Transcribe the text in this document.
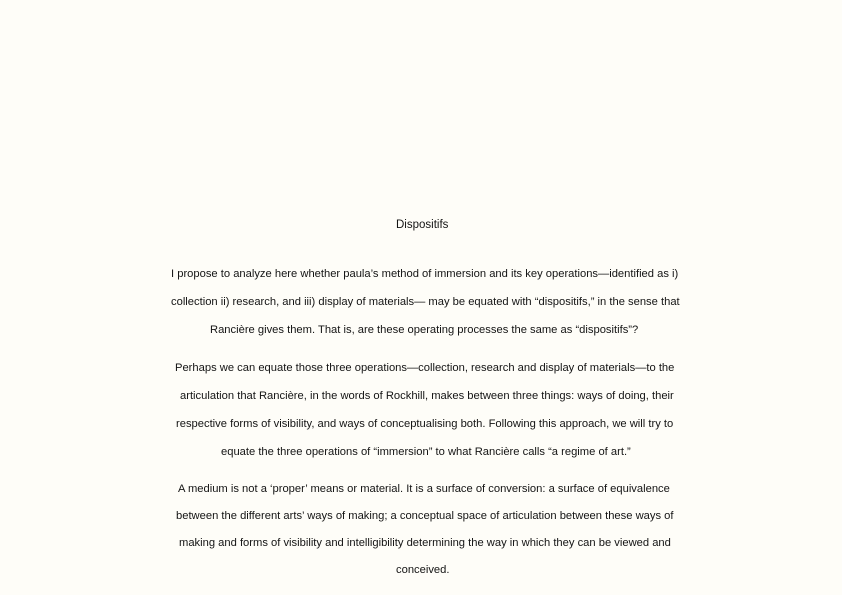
Dispositifs

I propose to analyze here whether paula’s method of immersion and its key operations—identified as i)

collection ii) research, and iii) display of materials— may be equated with “dispositifs,” in the sense that

Rancière gives them. That is, are these operating processes the same as “dispositifs”?

Perhaps we can equate those three operations—collection, research and display of materials—to the

articulation that Rancière, in the words of Rockhill, makes between three things: ways of doing, their

respective forms of visibility, and ways of conceptualising both. Following this approach, we will try to

equate the three operations of “immersion” to what Rancière calls “a regime of art.”

A medium is not a ‘proper’ means or material. It is a surface of conversion: a surface of equivalence

between the different arts’ ways of making; a conceptual space of articulation between these ways of

making and forms of visibility and intelligibility determining the way in which they can be viewed and

conceived.
